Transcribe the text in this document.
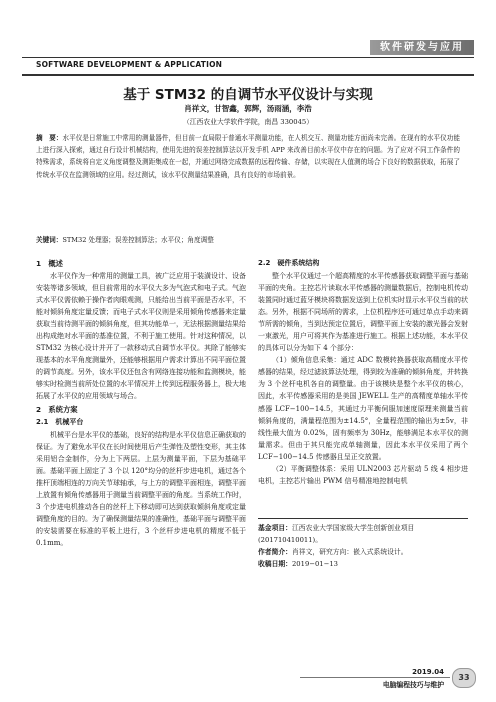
软件研发与应用
SOFTWARE DEVELOPMENT & APPLICATION
基于 STM32 的自调节水平仪设计与实现
肖祥文，甘智鑫，郭辉，汤雨涵，李浩
（江西农业大学软件学院，南昌 330045）
摘　要：水平仪是日常施工中常用的测量器件，但目前一直局限于普通水平测量功能，在人机交互、测量功能方面尚未完善。在现有的水平仪功能上进行深入探索，通过自行设计机械结构，使用先进的误差控制算法以开发手机 APP 来改善目前水平仪中存在的问题。为了应对不同工作条件的特殊需求，系统将自定义角度调整及测距集成在一起，并通过网络完成数据的远程传输、存储，以实现在人值测的场合下良好的数据获取，拓展了传统水平仪在监测领域的应用。经过测试，该水平仪测量结果准确，具有良好的市场前景。
关键词：STM32 处理器；误差控制算法；水平仪；角度调整
1　概述

水平仪作为一种常用的测量工具，被广泛应用于装潢设计、设备安装等诸多领域，但目前常用的水平仪大多为气泡式和电子式。气泡式水平仪需依赖于操作者肉眼观测，只能给出当前平面是否水平，不能对倾斜角度定量反馈；而电子式水平仪则是采用倾角传感器来定量获取当前待测平面的倾斜角度，但其功能单一，无法根据测量结果给出构成绝对水平面的基准位置，不利于施工使用。针对这种情况，以 STM32 为核心设计并开了一款移动式自调节水平仪。其除了能够实现基本的水平角度测量外，还能够根据用户需求计算出不同平面位置的调节高度。另外，该水平仪还包含有网络连接功能和监测模块，能够实时检测当前所处位置的水平情况并上传到远程服务器上，极大地拓展了水平仪的应用领域与场合。

2　系统方案
2.1　机械平台

机械平台是水平仪的基础，良好的结构是水平仪信息正确获取的保证。为了避免水平仪在长时间使用后产生弹性及塑性变形，其主体采用铝合金制作，分为上下两层。上层为测量平面，下层为基础平面。基础平面上固定了 3 个以 120°均分的丝杆步进电机，通过各个推杆顶端相连的万向关节球轴承，与上方的调整平面相连，调整平面上放置有倾角传感器用于测量当前调整平面的角度。当系统工作时，3 个步进电机推动各自的丝杆上下移动即可达到获取倾斜角度或定量调整角度的目的。为了确保测量结果的准确性，基础平面与调整平面的安装需要在标准的平板上进行，3 个丝杆步进电机的精度不低于 0.1mm。

2.2　硬件系统结构

整个水平仪通过一个超高精度的水平传感器获取调整平面与基础平面的夹角。主控芯片读取水平传感器的测量数据后，控制电机传动装置同时通过蓝牙模块将数据发送到上位机实时显示水平仪当前的状态。另外，根据不同场所的需求，上位机程序还可通过单点手动来调节所需的倾角，当到达预定位置后，调整平面上安装的激光器会发射一束激光，用户可将其作为基准进行施工。根据上述功能，本水平仪的具体可以分为如下 4 个部分：

（1）倾角信息采集：通过 ADC 数模转换器获取高精度水平传感器的结果，经过滤波算法处理，得到较为准确的倾斜角度，并转换为 3 个丝杆电机各自的调整量。由于该模块是整个水平仪的核心，因此，水平传感器采用的是美国 JEWELL 生产的高精度单轴水平传感器 LCF−100−14.5，其通过力平衡伺服加速度原理来测量当前倾斜角度的，满量程范围为±14.5°，全量程范围的输出为±5v，非线性最大值为 0.02%，固有频率为 30Hz，能够满足本水平仪的测量需求。但由于其只能完成单轴测量，因此本水平仪采用了两个 LCF−100−14.5 传感器且呈正交放置。

（2）平衡调整体系：采用 ULN2003 芯片驱动 5 线 4 相步进电机，主控芯片输出 PWM 信号精准地控制电机

基金项目：江西农业大学国家级大学生创新创业项目(201710410011)。

作者简介：肖祥文，研究方向：嵌入式系统设计。

收稿日期：2019−01−13

2019.04
电脑编程技巧与维护
33
